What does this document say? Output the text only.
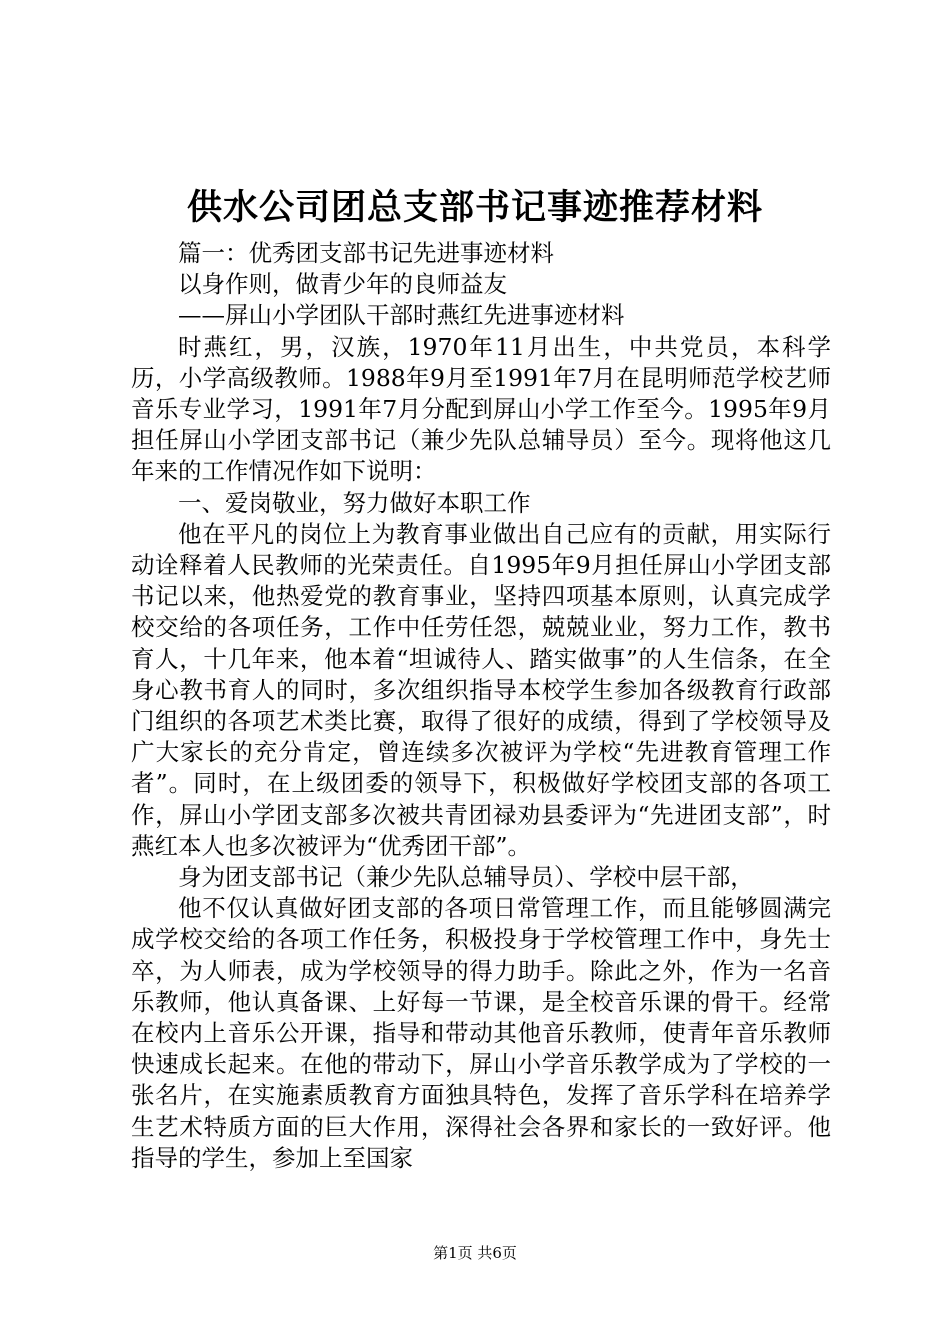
供水公司团总支部书记事迹推荐材料

篇一：优秀团支部书记先进事迹材料

以身作则，做青少年的良师益友

——屏山小学团队干部时燕红先进事迹材料

时燕红，男，汉族，1970年11月出生，中共党员，本科学历，小学高级教师。1988年9月至1991年7月在昆明师范学校艺师音乐专业学习，1991年7月分配到屏山小学工作至今。1995年9月担任屏山小学团支部书记（兼少先队总辅导员）至今。现将他这几年来的工作情况作如下说明：

一、爱岗敬业，努力做好本职工作

他在平凡的岗位上为教育事业做出自己应有的贡献，用实际行动诠释着人民教师的光荣责任。自1995年9月担任屏山小学团支部书记以来，他热爱党的教育事业，坚持四项基本原则，认真完成学校交给的各项任务，工作中任劳任怨，兢兢业业，努力工作，教书育人，十几年来，他本着“坦诚待人、踏实做事”的人生信条，在全身心教书育人的同时，多次组织指导本校学生参加各级教育行政部门组织的各项艺术类比赛，取得了很好的成绩，得到了学校领导及广大家长的充分肯定，曾连续多次被评为学校“先进教育管理工作者”。同时，在上级团委的领导下，积极做好学校团支部的各项工作，屏山小学团支部多次被共青团禄劝县委评为“先进团支部”，时燕红本人也多次被评为“优秀团干部”。

身为团支部书记（兼少先队总辅导员）、学校中层干部，

他不仅认真做好团支部的各项日常管理工作，而且能够圆满完成学校交给的各项工作任务，积极投身于学校管理工作中，身先士卒，为人师表，成为学校领导的得力助手。除此之外，作为一名音乐教师，他认真备课、上好每一节课，是全校音乐课的骨干。经常在校内上音乐公开课，指导和带动其他音乐教师，使青年音乐教师快速成长起来。在他的带动下，屏山小学音乐教学成为了学校的一张名片，在实施素质教育方面独具特色，发挥了音乐学科在培养学生艺术特质方面的巨大作用，深得社会各界和家长的一致好评。他指导的学生，参加上至国家

第1页 共6页
